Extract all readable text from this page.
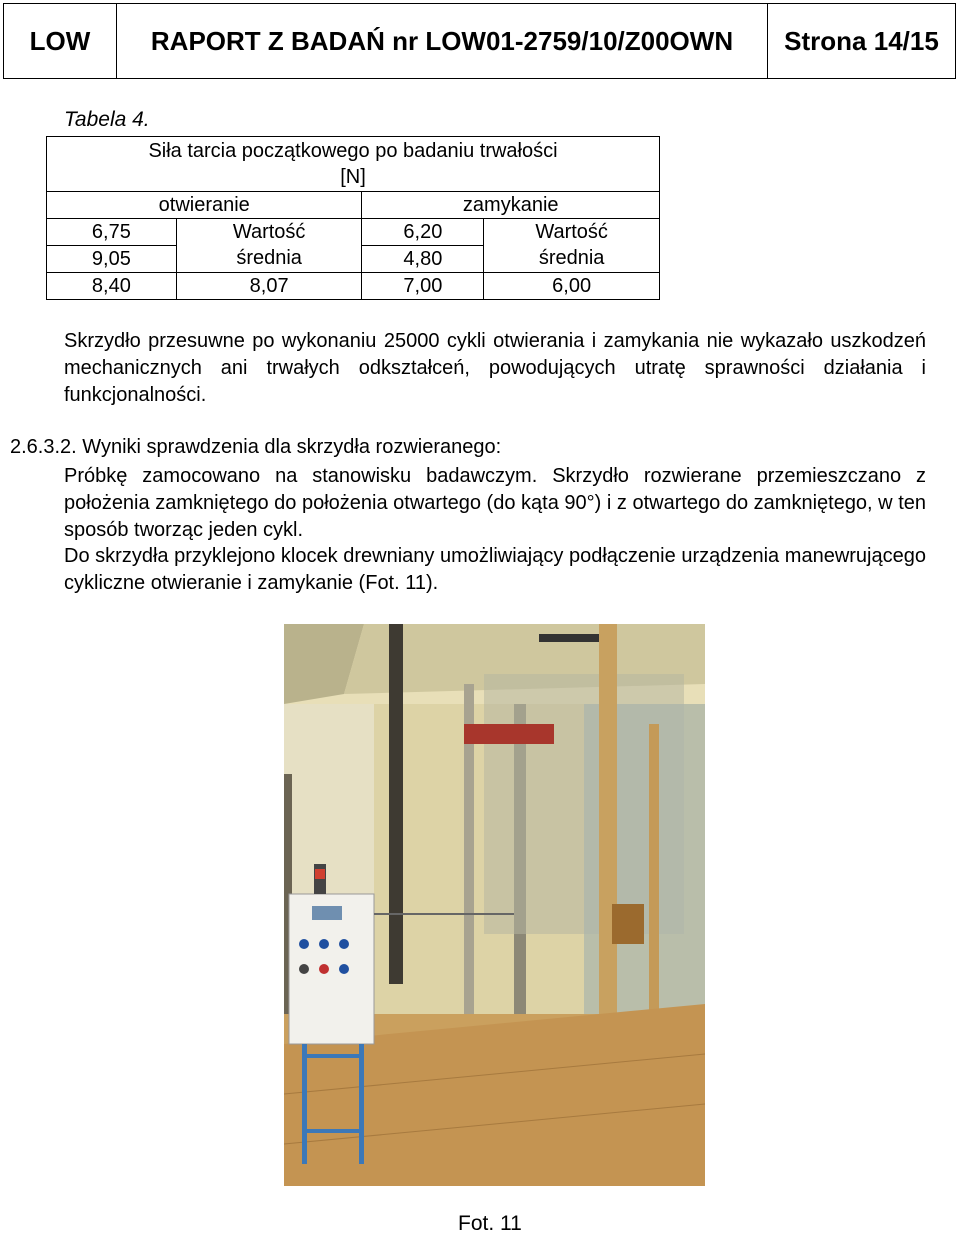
LOW	RAPORT Z BADAŃ nr LOW01-2759/10/Z00OWN	Strona 14/15
Tabela 4.
Siła tarcia początkowego po badaniu trwałości
[N]			

otwieranie		zamykanie	
6,75	Wartość	6,20	Wartość
9,05	średnia	4,80	średnia
8,40	8,07	7,00	6,00
Skrzydło przesuwne po wykonaniu 25000 cykli otwierania i zamykania nie wykazało uszkodzeń mechanicznych ani trwałych odkształceń, powodujących utratę sprawności działania i funkcjonalności.
2.6.3.2. Wyniki sprawdzenia dla skrzydła rozwieranego:
Próbkę zamocowano na stanowisku badawczym. Skrzydło rozwierane przemieszczano z położenia zamkniętego do położenia otwartego (do kąta 90°) i z otwartego do zamkniętego, w ten sposób tworząc jeden cykl.
Do skrzydła przyklejono klocek drewniany umożliwiający podłączenie urządzenia manewrującego cykliczne otwieranie i zamykanie (Fot. 11).
Fot. 11
